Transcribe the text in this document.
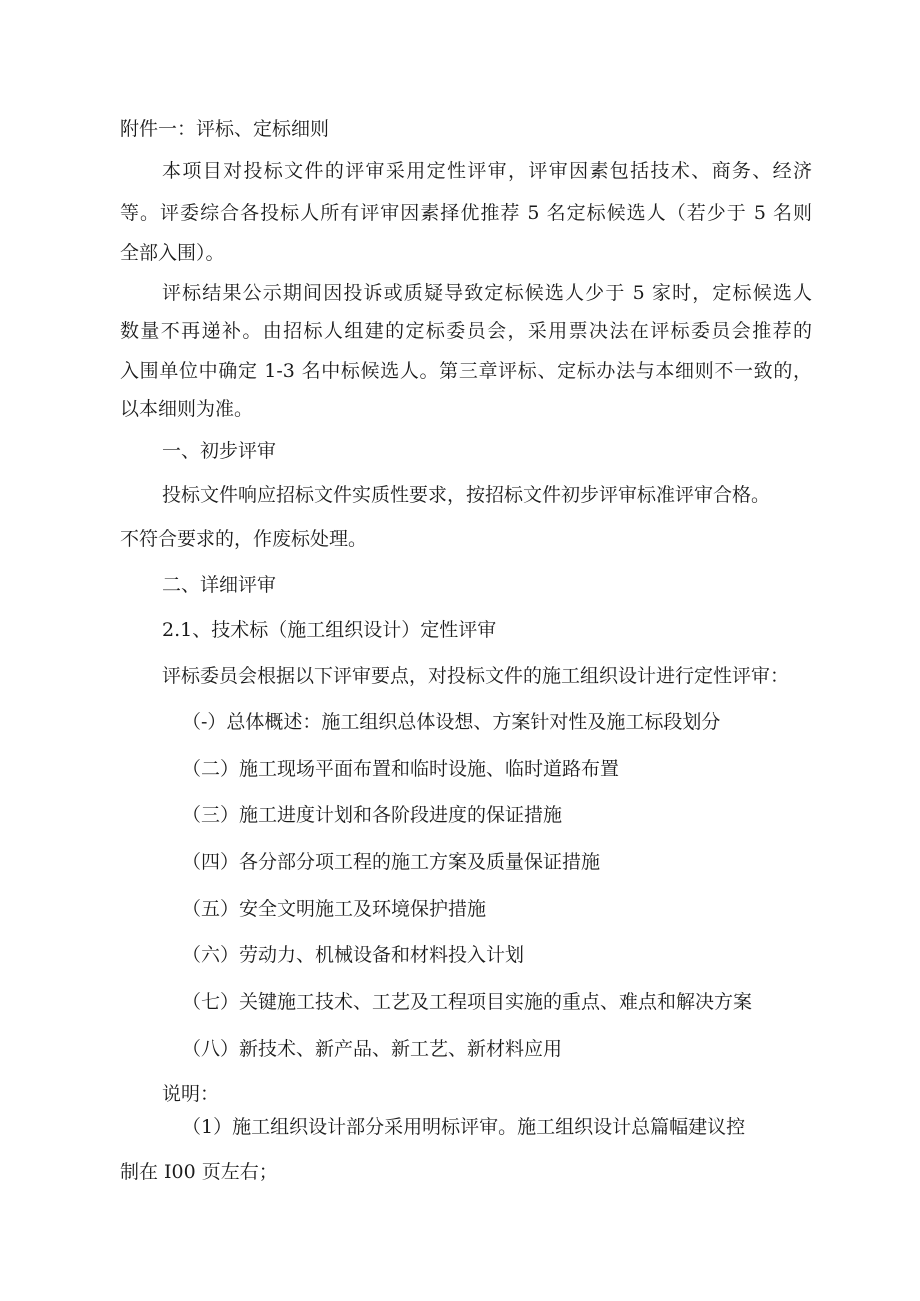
附件一：评标、定标细则
本项目对投标文件的评审采用定性评审，评审因素包括技术、商务、经济
等。评委综合各投标人所有评审因素择优推荐 5 名定标候选人（若少于 5 名则
全部入围）。
评标结果公示期间因投诉或质疑导致定标候选人少于 5 家时，定标候选人
数量不再递补。由招标人组建的定标委员会，采用票决法在评标委员会推荐的
入围单位中确定 1-3 名中标候选人。第三章评标、定标办法与本细则不一致的，
以本细则为准。
一、初步评审
投标文件响应招标文件实质性要求，按招标文件初步评审标准评审合格。
不符合要求的，作废标处理。
二、详细评审
2.1、技术标（施工组织设计）定性评审
评标委员会根据以下评审要点，对投标文件的施工组织设计进行定性评审：
（-）总体概述：施工组织总体设想、方案针对性及施工标段划分
（二）施工现场平面布置和临时设施、临时道路布置
（三）施工进度计划和各阶段进度的保证措施
（四）各分部分项工程的施工方案及质量保证措施
（五）安全文明施工及环境保护措施
（六）劳动力、机械设备和材料投入计划
（七）关键施工技术、工艺及工程项目实施的重点、难点和解决方案
（八）新技术、新产品、新工艺、新材料应用
说明：
（1）施工组织设计部分采用明标评审。施工组织设计总篇幅建议控
制在 I00 页左右；
